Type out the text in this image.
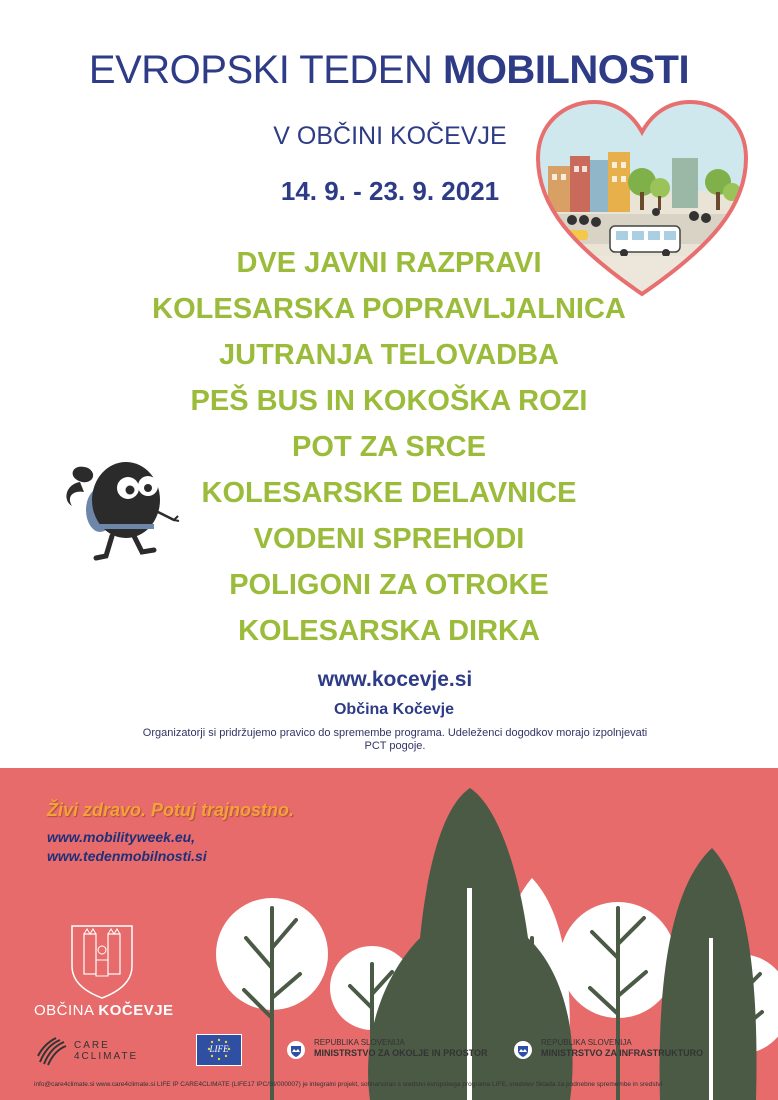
EVROPSKI TEDEN MOBILNOSTI
V OBČINI KOČEVJE
14. 9. - 23. 9. 2021
DVE JAVNI RAZPRAVI
KOLESARSKA POPRAVLJALNICA
JUTRANJA TELOVADBA
PEŠ BUS IN KOKOŠKA ROZI
POT ZA SRCE
KOLESARSKE DELAVNICE
VODENI SPREHODI
POLIGONI ZA OTROKE
KOLESARSKA DIRKA
www.kocevje.si
Občina Kočevje
Organizatorji si pridržujemo pravico do spremembe programa. Udeleženci dogodkov morajo izpolnjevati PCT pogoje.
Živi zdravo. Potuj trajnostno.
www.mobilityweek.eu,
www.tedenmobilnosti.si
OBČINA KOČEVJE
CARE
4CLIMATE
LIFE
REPUBLIKA SLOVENIJA
MINISTRSTVO ZA OKOLJE IN PROSTOR
REPUBLIKA SLOVENIJA
MINISTRSTVO ZA INFRASTRUKTURO
info@care4climate.si www.care4climate.si LIFE IP CARE4CLIMATE (LIFE17 IPC/SI/000007) je integralni projekt, sofinanciran s sredstvi evropskega programa LIFE, sredstev Sklada za podnebne spremembe in sredstvi
